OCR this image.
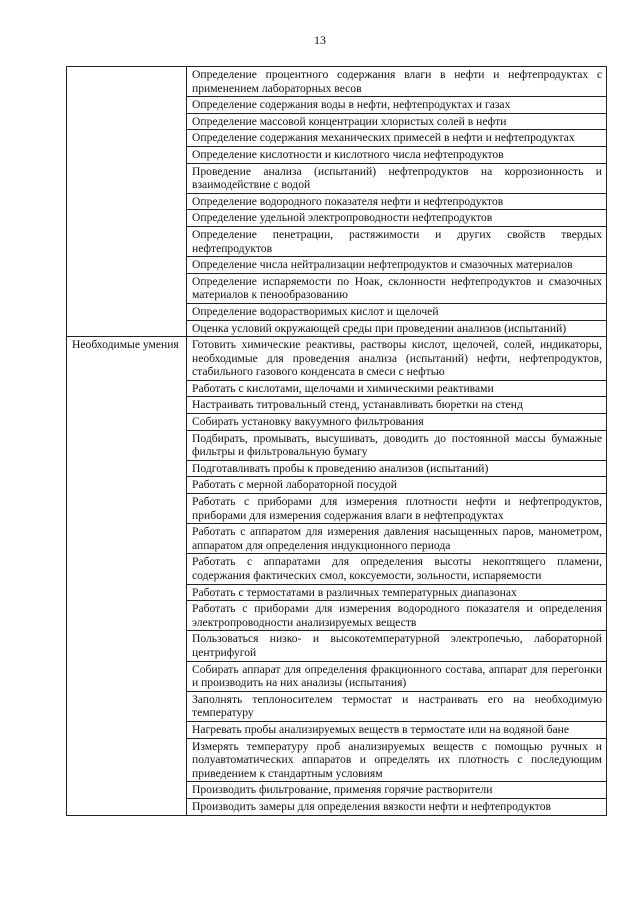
13
	Определение процентного содержания влаги в нефти и нефтепродуктах с применением лабораторных весов
	Определение содержания воды в нефти, нефтепродуктах и газах
	Определение массовой концентрации хлористых солей в нефти
	Определение содержания механических примесей в нефти и нефтепродуктах
	Определение кислотности и кислотного числа нефтепродуктов
	Проведение анализа (испытаний) нефтепродуктов на коррозионность и взаимодействие с водой
	Определение водородного показателя нефти и нефтепродуктов
	Определение удельной электропроводности нефтепродуктов
	Определение пенетрации, растяжимости и других свойств твердых нефтепродуктов
	Определение числа нейтрализации нефтепродуктов и смазочных материалов
	Определение испаряемости по Ноак, склонности нефтепродуктов и смазочных материалов к пенообразованию
	Определение водорастворимых кислот и щелочей
	Оценка условий окружающей среды при проведении анализов (испытаний)
Необходимые умения	Готовить химические реактивы, растворы кислот, щелочей, солей, индикаторы, необходимые для проведения анализа (испытаний) нефти, нефтепродуктов, стабильного газового конденсата в смеси с нефтью
	Работать с кислотами, щелочами и химическими реактивами
	Настраивать титровальный стенд, устанавливать бюретки на стенд
	Собирать установку вакуумного фильтрования
	Подбирать, промывать, высушивать, доводить до постоянной массы бумажные фильтры и фильтровальную бумагу
	Подготавливать пробы к проведению анализов (испытаний)
	Работать с мерной лабораторной посудой
	Работать с приборами для измерения плотности нефти и нефтепродуктов, приборами для измерения содержания влаги в нефтепродуктах
	Работать с аппаратом для измерения давления насыщенных паров, манометром, аппаратом для определения индукционного периода
	Работать с аппаратами для определения высоты некоптящего пламени, содержания фактических смол, коксуемости, зольности, испаряемости
	Работать с термостатами в различных температурных диапазонах
	Работать с приборами для измерения водородного показателя и определения электропроводности анализируемых веществ
	Пользоваться низко- и высокотемпературной электропечью, лабораторной центрифугой
	Собирать аппарат для определения фракционного состава, аппарат для перегонки и производить на них анализы (испытания)
	Заполнять теплоносителем термостат и настраивать его на необходимую температуру
	Нагревать пробы анализируемых веществ в термостате или на водяной бане
	Измерять температуру проб анализируемых веществ с помощью ручных и полуавтоматических аппаратов и определять их плотность с последующим приведением к стандартным условиям
	Производить фильтрование, применяя горячие растворители
	Производить замеры для определения вязкости нефти и нефтепродуктов
